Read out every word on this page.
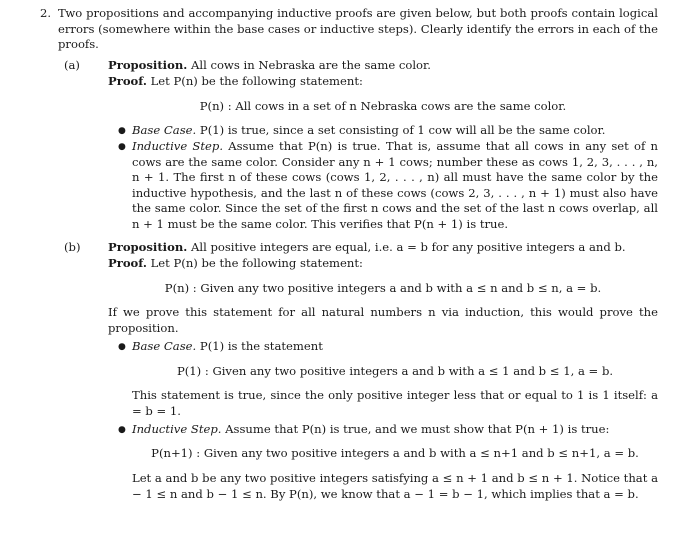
2. Two propositions and accompanying inductive proofs are given below, but both proofs contain logical errors (somewhere within the base cases or inductive steps). Clearly identify the errors in each of the proofs.
(a) Proposition. All cows in Nebraska are the same color.
Proof. Let P(n) be the following statement:
P(n) : All cows in a set of n Nebraska cows are the same color.
● Base Case. P(1) is true, since a set consisting of 1 cow will all be the same color.
● Inductive Step. Assume that P(n) is true. That is, assume that all cows in any set of n cows are the same color. Consider any n + 1 cows; number these as cows 1, 2, 3, . . . , n, n + 1. The first n of these cows (cows 1, 2, . . . , n) all must have the same color by the inductive hypothesis, and the last n of these cows (cows 2, 3, . . . , n + 1) must also have the same color. Since the set of the first n cows and the set of the last n cows overlap, all n + 1 must be the same color. This verifies that P(n + 1) is true.
(b) Proposition. All positive integers are equal, i.e. a = b for any positive integers a and b.
Proof. Let P(n) be the following statement:
P(n) : Given any two positive integers a and b with a ≤ n and b ≤ n, a = b.
If we prove this statement for all natural numbers n via induction, this would prove the proposition.
● Base Case. P(1) is the statement
P(1) : Given any two positive integers a and b with a ≤ 1 and b ≤ 1, a = b.
This statement is true, since the only positive integer less that or equal to 1 is 1 itself: a = b = 1.
● Inductive Step. Assume that P(n) is true, and we must show that P(n + 1) is true:
P(n+1) : Given any two positive integers a and b with a ≤ n+1 and b ≤ n+1, a = b.
Let a and b be any two positive integers satisfying a ≤ n + 1 and b ≤ n + 1. Notice that a − 1 ≤ n and b − 1 ≤ n. By P(n), we know that a − 1 = b − 1, which implies that a = b.
